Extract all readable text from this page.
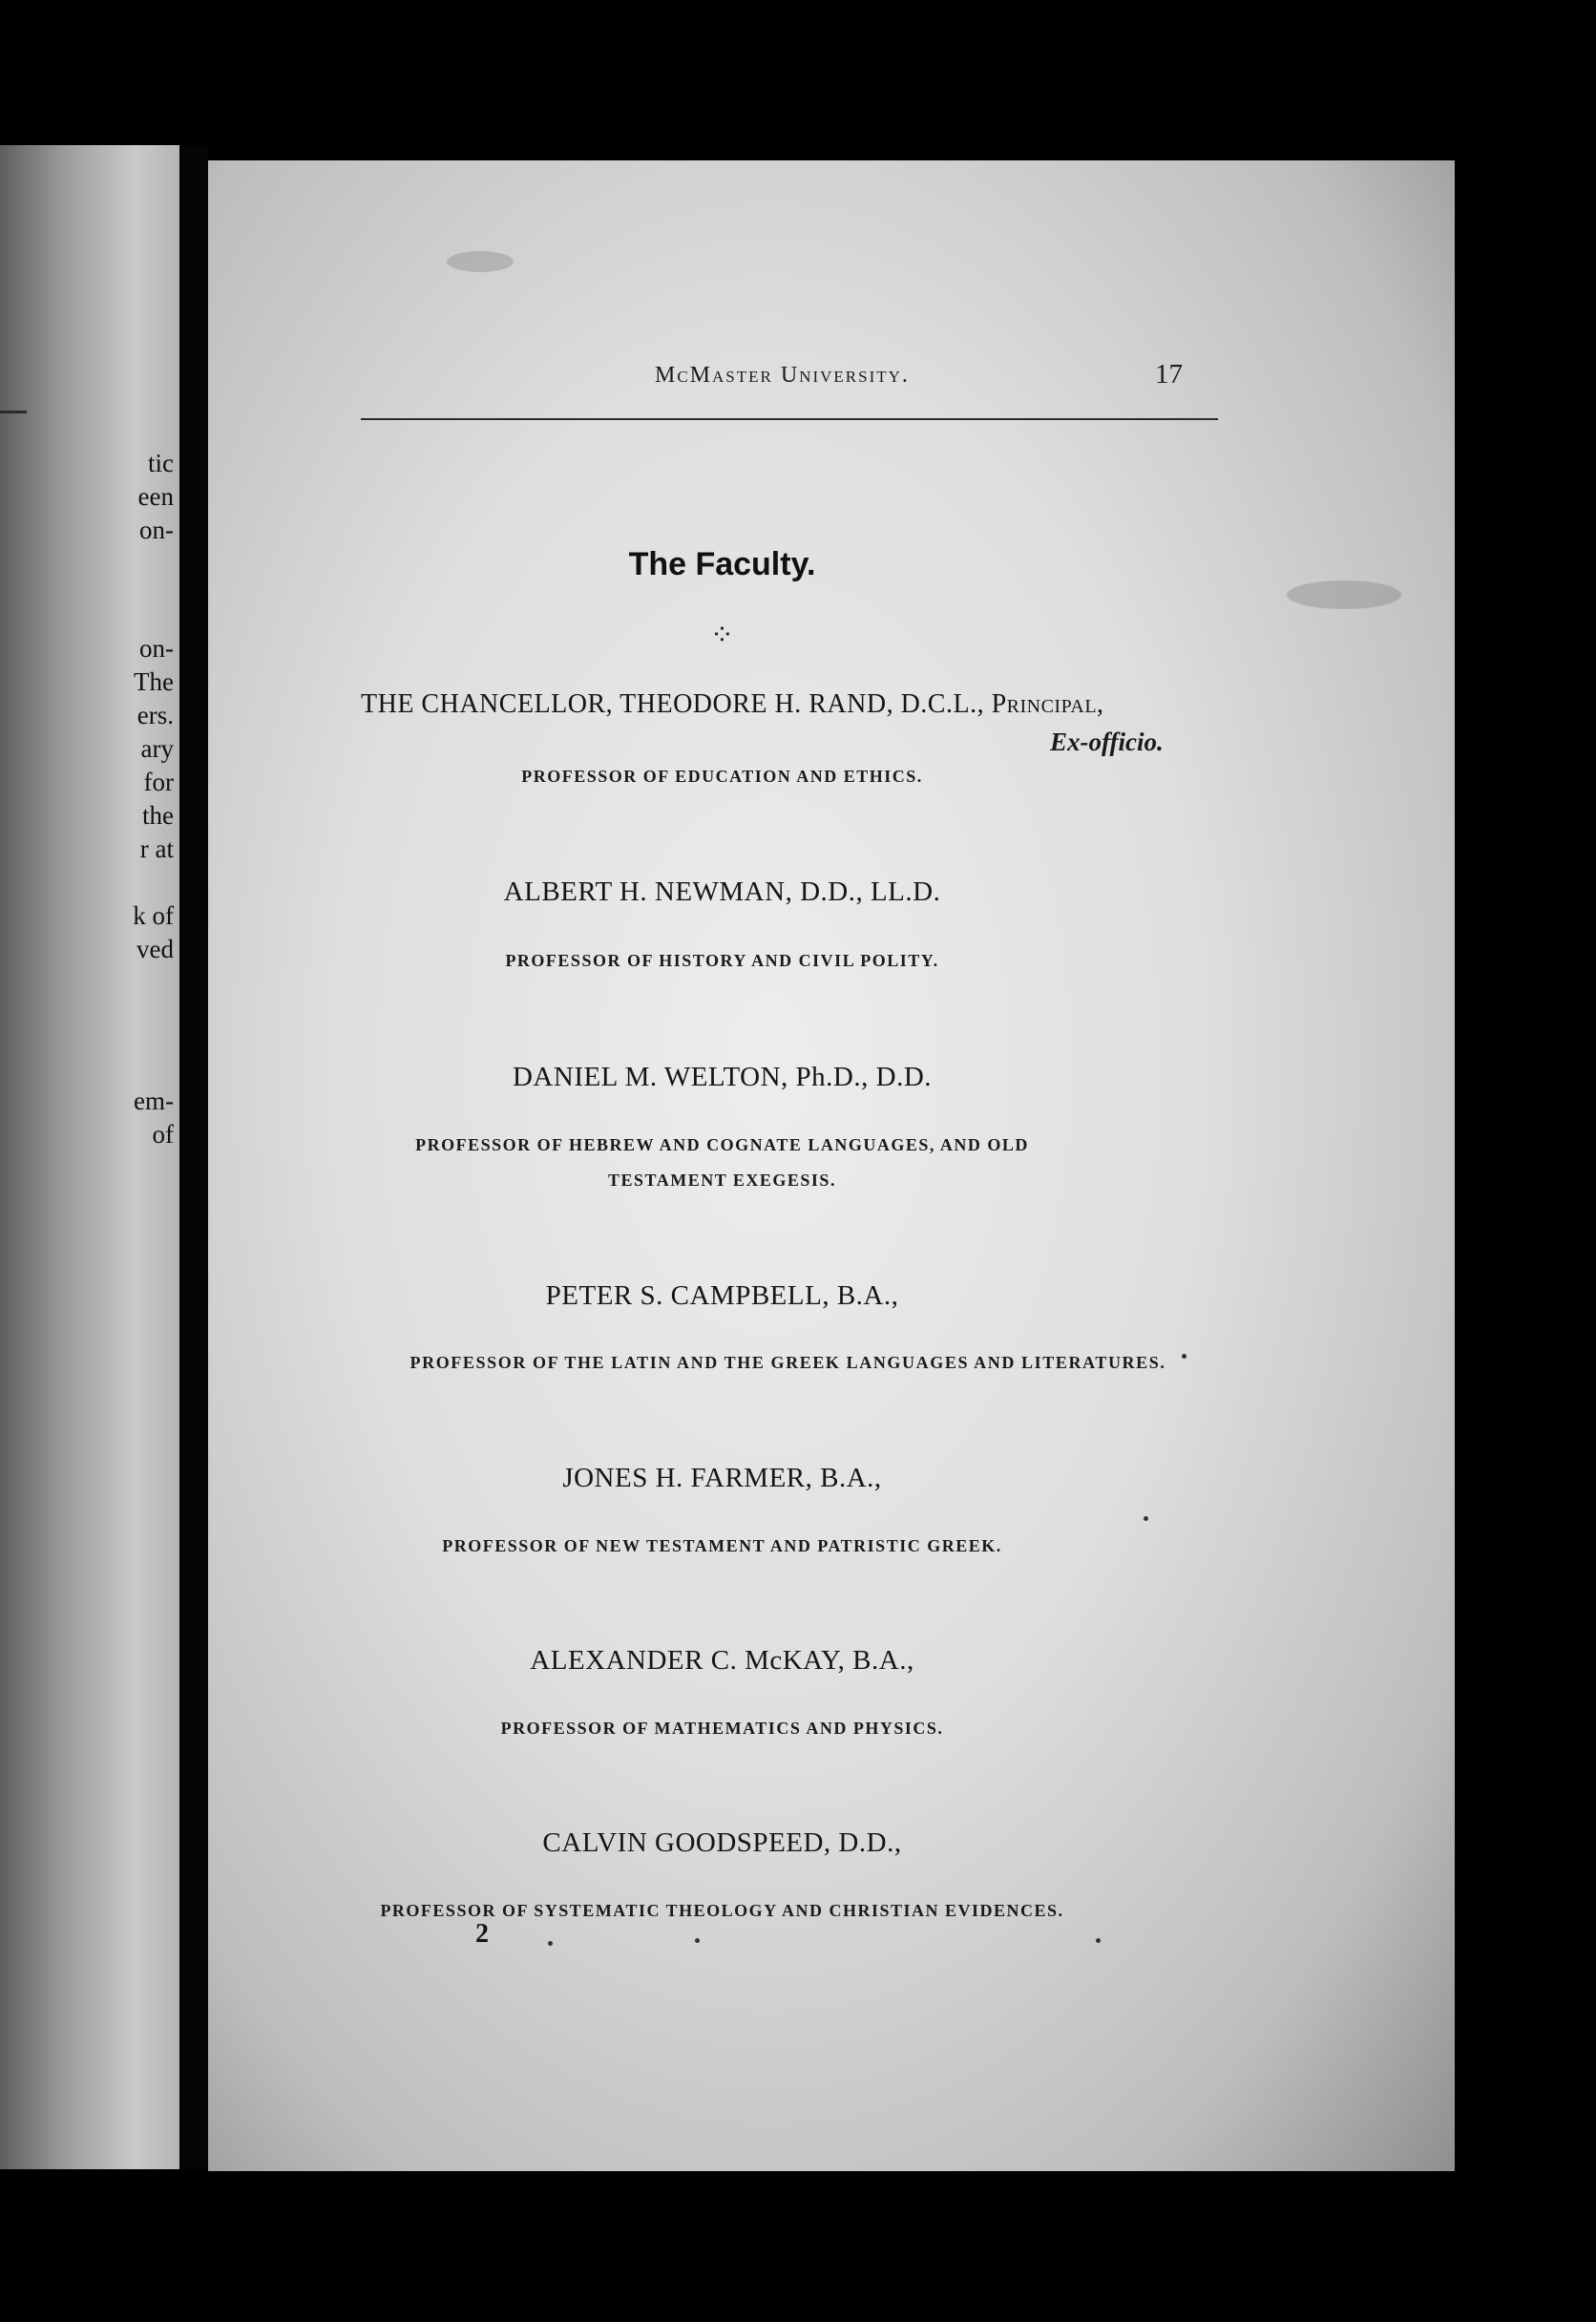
tic
een
on-
on-
The
ers.
ary
for
the
r at
k of
ved
em-
of
McMaster University.	17
The Faculty.
⁘
THE CHANCELLOR, THEODORE H. RAND, D.C.L., Principal,
Ex-officio.
PROFESSOR OF EDUCATION AND ETHICS.
ALBERT H. NEWMAN, D.D., LL.D.
PROFESSOR OF HISTORY AND CIVIL POLITY.
DANIEL M. WELTON, Ph.D., D.D.
PROFESSOR OF HEBREW AND COGNATE LANGUAGES, AND OLD
TESTAMENT EXEGESIS.
PETER S. CAMPBELL, B.A.,
PROFESSOR OF THE LATIN AND THE GREEK LANGUAGES AND LITERATURES.
JONES H. FARMER, B.A.,
PROFESSOR OF NEW TESTAMENT AND PATRISTIC GREEK.
ALEXANDER C. McKAY, B.A.,
PROFESSOR OF MATHEMATICS AND PHYSICS.
CALVIN GOODSPEED, D.D.,
PROFESSOR OF SYSTEMATIC THEOLOGY AND CHRISTIAN EVIDENCES.
2
